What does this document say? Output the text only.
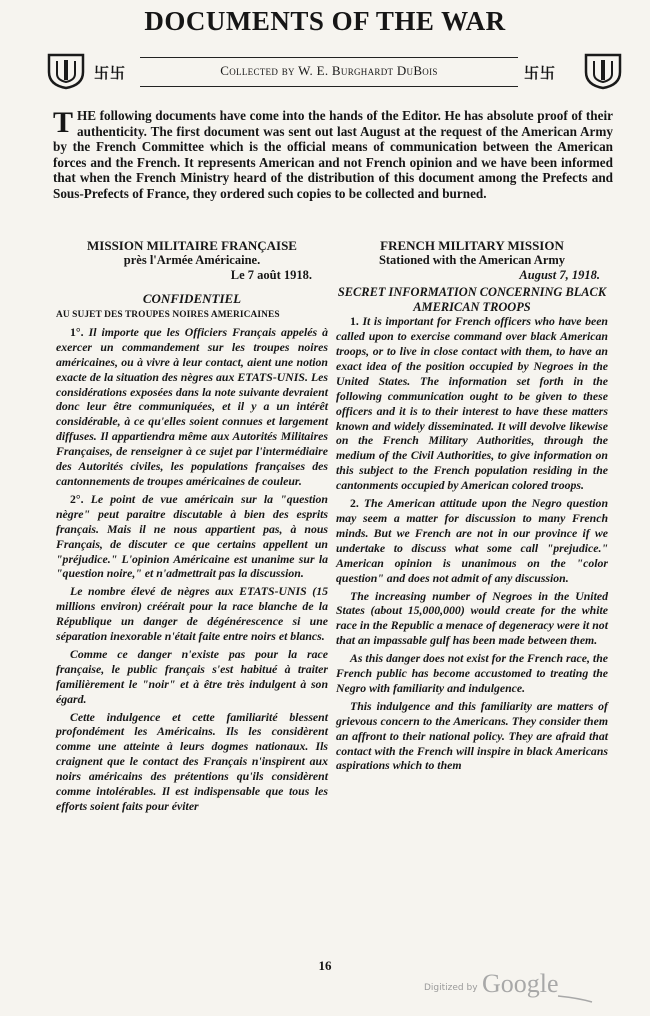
DOCUMENTS OF THE WAR
卐卐	Collected by W. E. Burghardt DuBois	卐卐

THE following documents have come into the hands of the Editor. He has absolute proof of their authenticity. The first document was sent out last August at the request of the American Army by the French Committee which is the official means of communication between the American forces and the French. It represents American and not French opinion and we have been informed that when the French Ministry heard of the distribution of this document among the Prefects and Sous-Prefects of France, they ordered such copies to be collected and burned.

MISSION MILITAIRE FRANÇAISE

près l'Armée Américaine.

Le 7 août 1918.

CONFIDENTIEL

AU SUJET DES TROUPES NOIRES AMERICAINES

1°. Il importe que les Officiers Français appelés à exercer un commandement sur les troupes noires américaines, ou à vivre à leur contact, aient une notion exacte de la situation des nègres aux ETATS-UNIS. Les considérations exposées dans la note suivante devraient donc leur être communiquées, et il y a un intérêt considérable, à ce qu'elles soient connues et largement diffuses. Il appartiendra même aux Autorités Militaires Françaises, de renseigner à ce sujet par l'intermédiaire des Autorités civiles, les populations françaises des cantonnements de troupes américaines de couleur.

2°. Le point de vue américain sur la "question nègre" peut paraitre discutable à bien des esprits français. Mais il ne nous appartient pas, à nous Français, de discuter ce que certains appellent un "préjudice." L'opinion Américaine est unanime sur la "question noire," et n'admettrait pas la discussion.

Le nombre élevé de nègres aux ETATS-UNIS (15 millions environ) créérait pour la race blanche de la République un danger de dégénérescence si une séparation inexorable n'était faite entre noirs et blancs.

Comme ce danger n'existe pas pour la race française, le public français s'est habitué à traiter familièrement le "noir" et à être très indulgent à son égard.

Cette indulgence et cette familiarité blessent profondément les Américains. Ils les considèrent comme une atteinte à leurs dogmes nationaux. Ils craignent que le contact des Français n'inspirent aux noirs américains des prétentions qu'ils considèrent comme intolérables. Il est indispensable que tous les efforts soient faits pour éviter

FRENCH MILITARY MISSION

Stationed with the American Army

August 7, 1918.

SECRET INFORMATION CONCERNING BLACK AMERICAN TROOPS

1. It is important for French officers who have been called upon to exercise command over black American troops, or to live in close contact with them, to have an exact idea of the position occupied by Negroes in the United States. The information set forth in the following communication ought to be given to these officers and it is to their interest to have these matters known and widely disseminated. It will devolve likewise on the French Military Authorities, through the medium of the Civil Authorities, to give information on this subject to the French population residing in the cantonments occupied by American colored troops.

2. The American attitude upon the Negro question may seem a matter for discussion to many French minds. But we French are not in our province if we undertake to discuss what some call "prejudice." American opinion is unanimous on the "color question" and does not admit of any discussion.

The increasing number of Negroes in the United States (about 15,000,000) would create for the white race in the Republic a menace of degeneracy were it not that an impassable gulf has been made between them.

As this danger does not exist for the French race, the French public has become accustomed to treating the Negro with familiarity and indulgence.

This indulgence and this familiarity are matters of grievous concern to the Americans. They consider them an affront to their national policy. They are afraid that contact with the French will inspire in black Americans aspirations which to them

16
Digitized by Google
